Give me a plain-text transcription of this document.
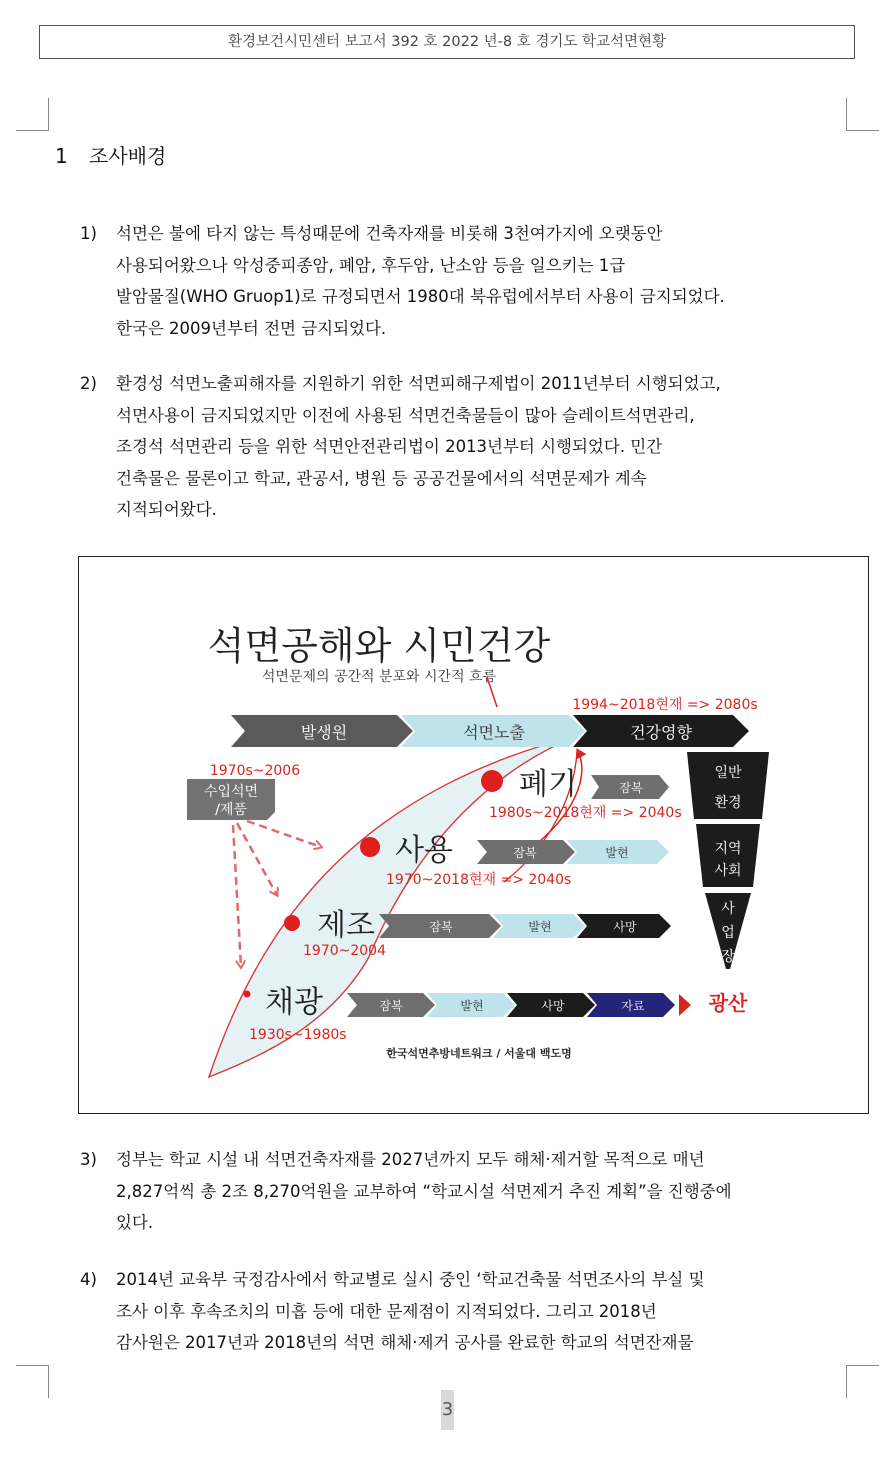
환경보건시민센터 보고서 392 호 2022 년-8 호 경기도 학교석면현황
1 조사배경
1)	석면은 불에 타지 않는 특성때문에 건축자재를 비롯해 3천여가지에 오랫동안
사용되어왔으나 악성중피종암, 폐암, 후두암, 난소암 등을 일으키는 1급
발암물질(WHO Gruop1)로 규정되면서 1980대 북유럽에서부터 사용이 금지되었다.
한국은 2009년부터 전면 금지되었다.
2)	환경성 석면노출피해자를 지원하기 위한 석면피해구제법이 2011년부터 시행되었고,
석면사용이 금지되었지만 이전에 사용된 석면건축물들이 많아 슬레이트석면관리,
조경석 석면관리 등을 위한 석면안전관리법이 2013년부터 시행되었다. 민간
건축물은 물론이고 학교, 관공서, 병원 등 공공건물에서의 석면문제가 계속
지적되어왔다.
석면공해와 시민건강
석면문제의 공간적 분포와 시간적 흐름
발생원	석면노출	건강영향
1994~2018현재 => 2080s
수입석면
/제품
1970s~2006	폐기	잠복
1980s~2018현재 => 2040s
사용	잠복	발현
1970~2018현재 => 2040s
제조	잠복	발현	사망
1970~2004
채광	잠복	발현	사망	자료
1930s~1980s
일반
환경
지역
사회
사
업
장
광산
한국석면추방네트워크 / 서울대 백도명
3)	정부는 학교 시설 내 석면건축자재를 2027년까지 모두 해체·제거할 목적으로 매년
2,827억씩 총 2조 8,270억원을 교부하여 “학교시설 석면제거 추진 계획”을 진행중에
있다.
4)	2014년 교육부 국정감사에서 학교별로 실시 중인 ‘학교건축물 석면조사의 부실 및
조사 이후 후속조치의 미흡 등에 대한 문제점이 지적되었다. 그리고 2018년
감사원은 2017년과 2018년의 석면 해체·제거 공사를 완료한 학교의 석면잔재물
3
